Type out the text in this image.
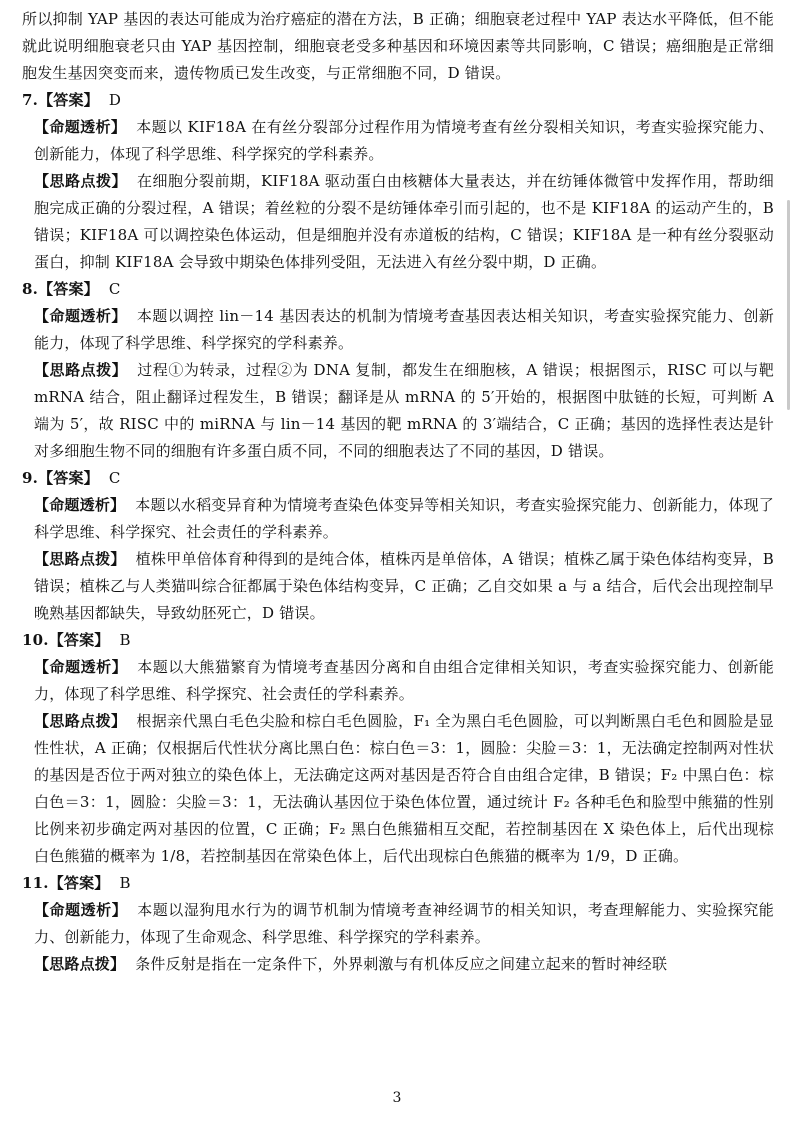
所以抑制 YAP 基因的表达可能成为治疗癌症的潜在方法，B 正确；细胞衰老过程中 YAP 表达水平降低，但不能就此说明细胞衰老只由 YAP 基因控制，细胞衰老受多种基因和环境因素等共同影响，C 错误；癌细胞是正常细胞发生基因突变而来，遗传物质已发生改变，与正常细胞不同，D 错误。

7.【答案】 D

【命题透析】 本题以 KIF18A 在有丝分裂部分过程作用为情境考查有丝分裂相关知识，考查实验探究能力、创新能力，体现了科学思维、科学探究的学科素养。

【思路点拨】 在细胞分裂前期，KIF18A 驱动蛋白由核糖体大量表达，并在纺锤体微管中发挥作用，帮助细胞完成正确的分裂过程，A 错误；着丝粒的分裂不是纺锤体牵引而引起的，也不是 KIF18A 的运动产生的，B 错误；KIF18A 可以调控染色体运动，但是细胞并没有赤道板的结构，C 错误；KIF18A 是一种有丝分裂驱动蛋白，抑制 KIF18A 会导致中期染色体排列受阻，无法进入有丝分裂中期，D 正确。

8.【答案】 C

【命题透析】 本题以调控 lin－14 基因表达的机制为情境考查基因表达相关知识，考查实验探究能力、创新能力，体现了科学思维、科学探究的学科素养。

【思路点拨】 过程①为转录，过程②为 DNA 复制，都发生在细胞核，A 错误；根据图示，RISC 可以与靶 mRNA 结合，阻止翻译过程发生，B 错误；翻译是从 mRNA 的 5′开始的，根据图中肽链的长短，可判断 A 端为 5′，故 RISC 中的 miRNA 与 lin－14 基因的靶 mRNA 的 3′端结合，C 正确；基因的选择性表达是针对多细胞生物不同的细胞有许多蛋白质不同，不同的细胞表达了不同的基因，D 错误。

9.【答案】 C

【命题透析】 本题以水稻变异育种为情境考查染色体变异等相关知识，考查实验探究能力、创新能力，体现了科学思维、科学探究、社会责任的学科素养。

【思路点拨】 植株甲单倍体育种得到的是纯合体，植株丙是单倍体，A 错误；植株乙属于染色体结构变异，B 错误；植株乙与人类猫叫综合征都属于染色体结构变异，C 正确；乙自交如果 a 与 a 结合，后代会出现控制早晚熟基因都缺失，导致幼胚死亡，D 错误。

10.【答案】 B

【命题透析】 本题以大熊猫繁育为情境考查基因分离和自由组合定律相关知识，考查实验探究能力、创新能力，体现了科学思维、科学探究、社会责任的学科素养。

【思路点拨】 根据亲代黑白毛色尖脸和棕白毛色圆脸，F₁ 全为黑白毛色圆脸，可以判断黑白毛色和圆脸是显性性状，A 正确；仅根据后代性状分离比黑白色：棕白色＝3：1，圆脸：尖脸＝3：1，无法确定控制两对性状的基因是否位于两对独立的染色体上，无法确定这两对基因是否符合自由组合定律，B 错误；F₂ 中黑白色：棕白色＝3：1，圆脸：尖脸＝3：1，无法确认基因位于染色体位置，通过统计 F₂ 各种毛色和脸型中熊猫的性别比例来初步确定两对基因的位置，C 正确；F₂ 黑白色熊猫相互交配，若控制基因在 X 染色体上，后代出现棕白色熊猫的概率为 1/8，若控制基因在常染色体上，后代出现棕白色熊猫的概率为 1/9，D 正确。

11.【答案】 B

【命题透析】 本题以湿狗甩水行为的调节机制为情境考查神经调节的相关知识，考查理解能力、实验探究能力、创新能力，体现了生命观念、科学思维、科学探究的学科素养。

【思路点拨】 条件反射是指在一定条件下，外界刺激与有机体反应之间建立起来的暂时神经联

3
